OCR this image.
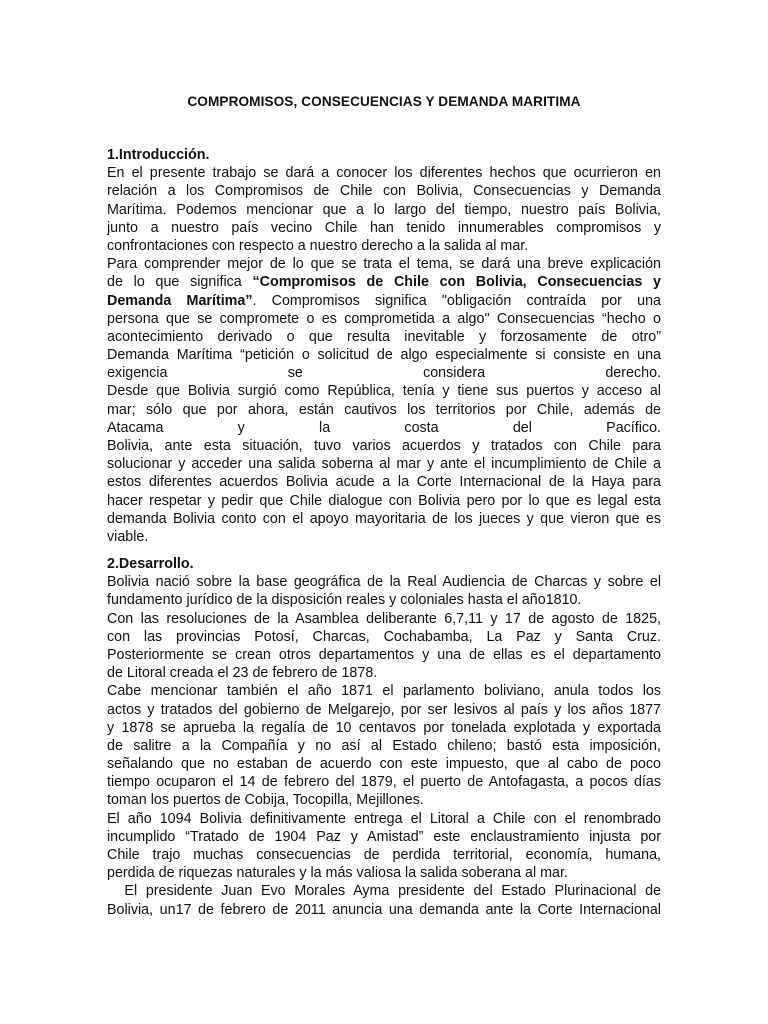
COMPROMISOS, CONSECUENCIAS Y DEMANDA MARITIMA
1.Introducción.
En el presente trabajo se dará a conocer los diferentes hechos que ocurrieron en
relación a los Compromisos de Chile con Bolivia, Consecuencias y Demanda
Marítima. Podemos mencionar que a lo largo del tiempo, nuestro país Bolivia,
junto a nuestro país vecino Chile han tenido innumerables compromisos y
confrontaciones con respecto a nuestro derecho a la salida al mar.
Para comprender mejor de lo que se trata el tema, se dará una breve explicación
de lo que significa “Compromisos de Chile con Bolivia, Consecuencias y
Demanda Marítima”. Compromisos significa "obligación contraída por una
persona que se compromete o es comprometida a algo" Consecuencias “hecho o
acontecimiento derivado o que resulta inevitable y forzosamente de otro”
Demanda Marítima “petición o solicitud de algo especialmente si consiste en una
exigencia se considera derecho.
Desde que Bolivia surgió como República, tenía y tiene sus puertos y acceso al
mar; sólo que por ahora, están cautivos los territorios por Chile, además de
Atacama y la costa del Pacífico.
Bolivia, ante esta situación, tuvo varios acuerdos y tratados con Chile para
solucionar y acceder una salida soberna al mar y ante el incumplimiento de Chile a
estos diferentes acuerdos Bolivia acude a la Corte Internacional de la Haya para
hacer respetar y pedir que Chile dialogue con Bolivia pero por lo que es legal esta
demanda Bolivia conto con el apoyo mayoritaria de los jueces y que vieron que es
viable.
2.Desarrollo.
Bolivia nació sobre la base geográfica de la Real Audiencia de Charcas y sobre el
fundamento jurídico de la disposición reales y coloniales hasta el año1810.
Con las resoluciones de la Asamblea deliberante 6,7,11 y 17 de agosto de 1825,
con las provincias Potosí, Charcas, Cochabamba, La Paz y Santa Cruz.
Posteriormente se crean otros departamentos y una de ellas es el departamento
de Litoral creada el 23 de febrero de 1878.
Cabe mencionar también el año 1871 el parlamento boliviano, anula todos los
actos y tratados del gobierno de Melgarejo, por ser lesivos al país y los años 1877
y 1878 se aprueba la regalía de 10 centavos por tonelada explotada y exportada
de salitre a la Compañía y no así al Estado chileno; bastó esta imposición,
señalando que no estaban de acuerdo con este impuesto, que al cabo de poco
tiempo ocuparon el 14 de febrero del 1879, el puerto de Antofagasta, a pocos días
toman los puertos de Cobija, Tocopilla, Mejillones.
El año 1094 Bolivia definitivamente entrega el Litoral a Chile con el renombrado
incumplido “Tratado de 1904 Paz y Amistad” este enclaustramiento injusta por
Chile trajo muchas consecuencias de perdida territorial, economía, humana,
perdida de riquezas naturales y la más valiosa la salida soberana al mar.
El presidente Juan Evo Morales Ayma presidente del Estado Plurinacional de
Bolivia, un17 de febrero de 2011 anuncia una demanda ante la Corte Internacional
